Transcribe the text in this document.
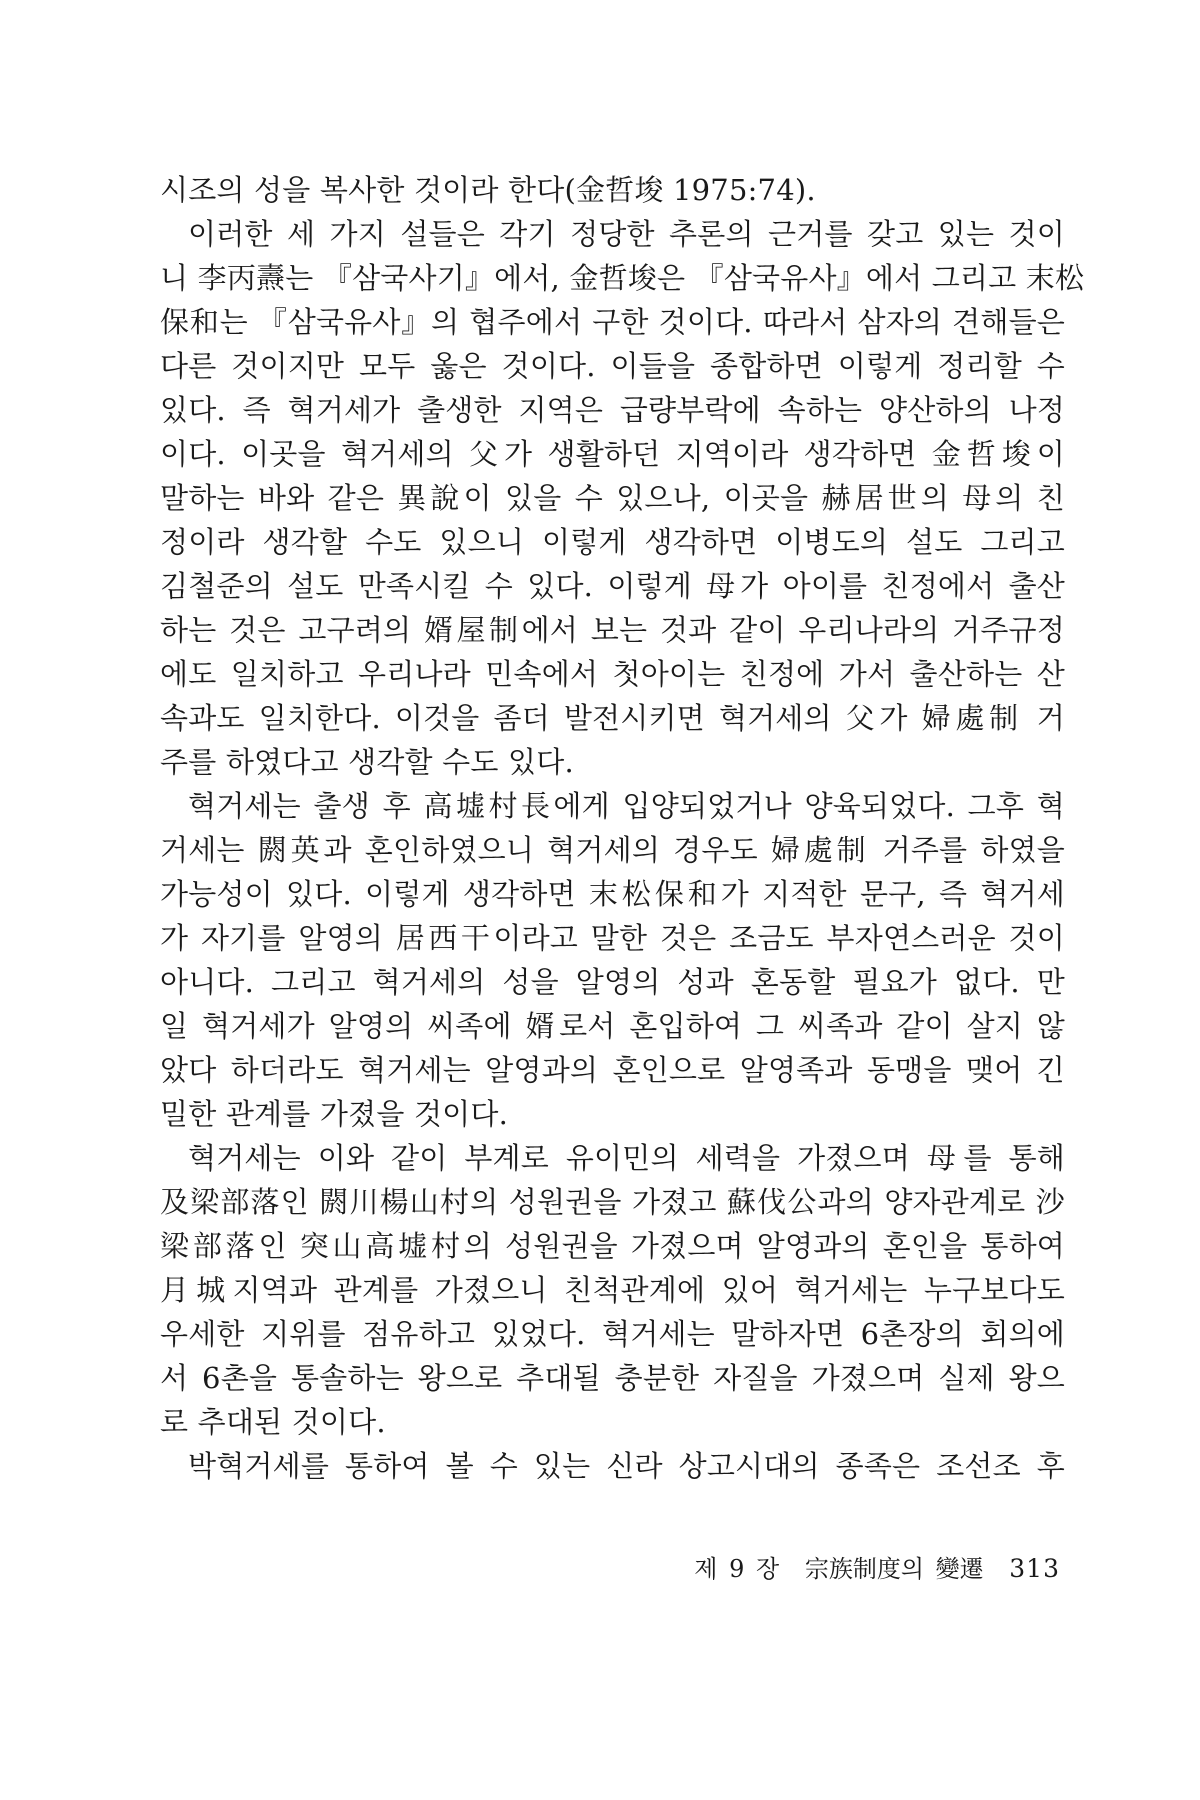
시조의 성을 복사한 것이라 한다(金哲埈 1975:74).
이러한 세 가지 설들은 각기 정당한 추론의 근거를 갖고 있는 것이
니 李丙燾는 『삼국사기』에서, 金哲埈은 『삼국유사』에서 그리고 末松
保和는 『삼국유사』의 협주에서 구한 것이다. 따라서 삼자의 견해들은
다른 것이지만 모두 옳은 것이다. 이들을 종합하면 이렇게 정리할 수
있다. 즉 혁거세가 출생한 지역은 급량부락에 속하는 양산하의 나정
이다. 이곳을 혁거세의 父가 생활하던 지역이라 생각하면 金哲埈이
말하는 바와 같은 異說이 있을 수 있으나, 이곳을 赫居世의 母의 친
정이라 생각할 수도 있으니 이렇게 생각하면 이병도의 설도 그리고
김철준의 설도 만족시킬 수 있다. 이렇게 母가 아이를 친정에서 출산
하는 것은 고구려의 婿屋制에서 보는 것과 같이 우리나라의 거주규정
에도 일치하고 우리나라 민속에서 첫아이는 친정에 가서 출산하는 산
속과도 일치한다. 이것을 좀더 발전시키면 혁거세의 父가 婦處制 거
주를 하였다고 생각할 수도 있다.
혁거세는 출생 후 高墟村長에게 입양되었거나 양육되었다. 그후 혁
거세는 閼英과 혼인하였으니 혁거세의 경우도 婦處制 거주를 하였을
가능성이 있다. 이렇게 생각하면 末松保和가 지적한 문구, 즉 혁거세
가 자기를 알영의 居西干이라고 말한 것은 조금도 부자연스러운 것이
아니다. 그리고 혁거세의 성을 알영의 성과 혼동할 필요가 없다. 만
일 혁거세가 알영의 씨족에 婿로서 혼입하여 그 씨족과 같이 살지 않
았다 하더라도 혁거세는 알영과의 혼인으로 알영족과 동맹을 맺어 긴
밀한 관계를 가졌을 것이다.
혁거세는 이와 같이 부계로 유이민의 세력을 가졌으며 母를 통해
及梁部落인 閼川楊山村의 성원권을 가졌고 蘇伐公과의 양자관계로 沙
梁部落인 突山高墟村의 성원권을 가졌으며 알영과의 혼인을 통하여
月城지역과 관계를 가졌으니 친척관계에 있어 혁거세는 누구보다도
우세한 지위를 점유하고 있었다. 혁거세는 말하자면 6촌장의 회의에
서 6촌을 통솔하는 왕으로 추대될 충분한 자질을 가졌으며 실제 왕으
로 추대된 것이다.
박혁거세를 통하여 볼 수 있는 신라 상고시대의 종족은 조선조 후
제 9 장 宗族制度의 變遷 313
